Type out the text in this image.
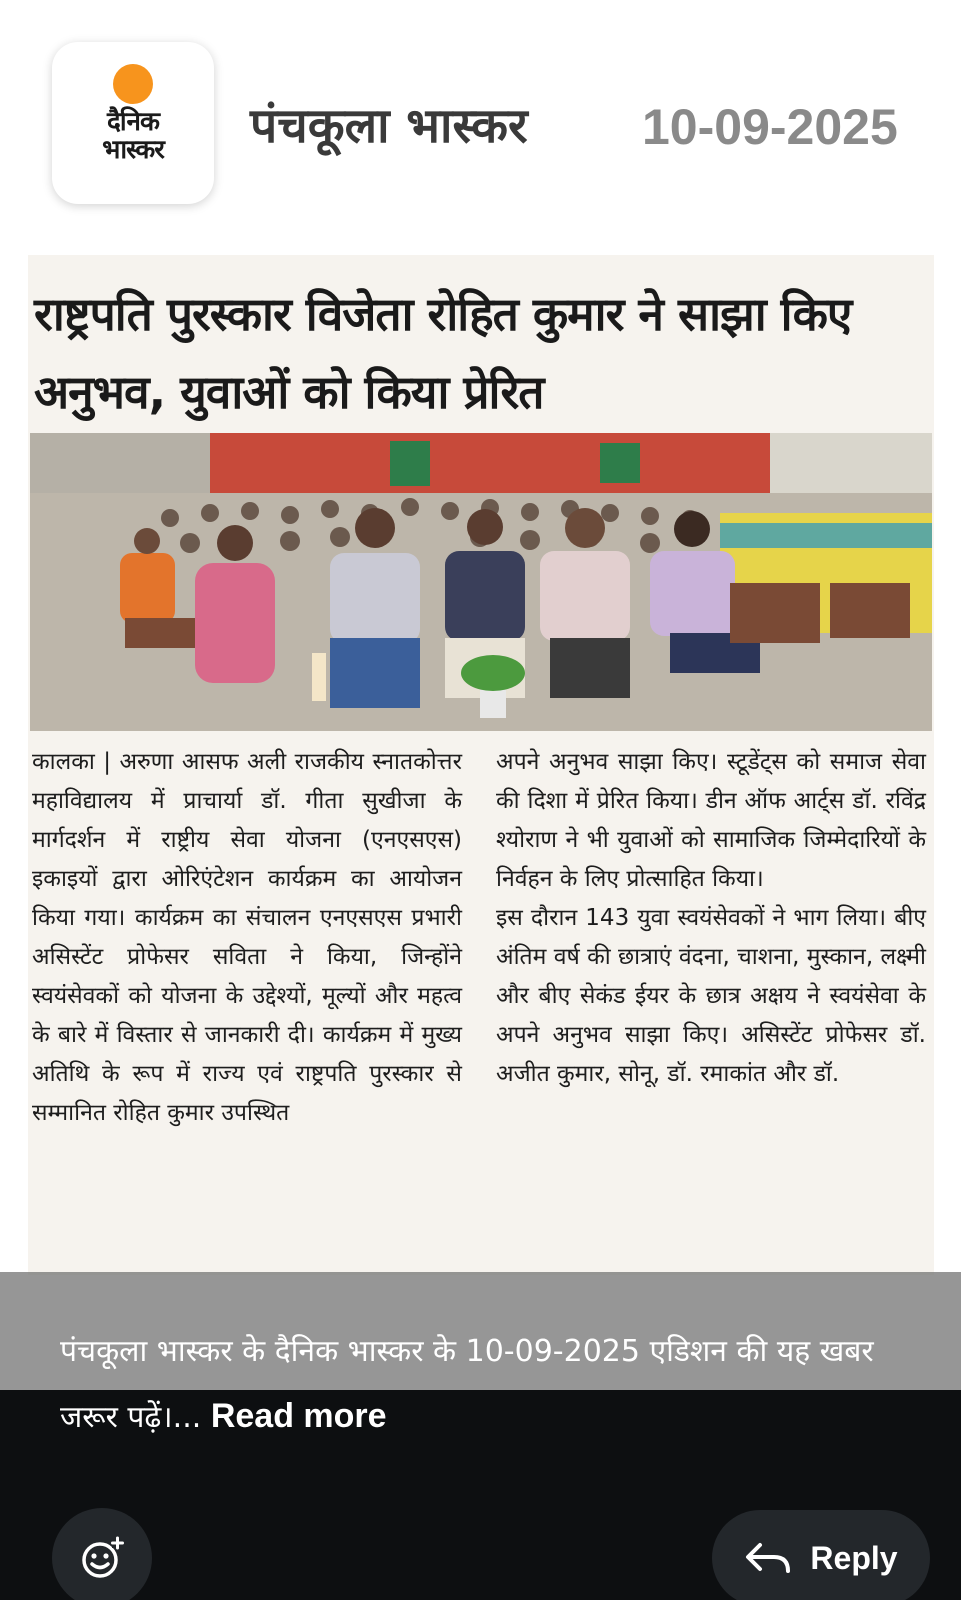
दैनिक भास्कर	पंचकूला भास्कर 10-09-2025
राष्ट्रपति पुरस्कार विजेता रोहित कुमार ने साझा किए अनुभव, युवाओं को किया प्रेरित

कालका | अरुणा आसफ अली राजकीय स्नातकोत्तर महाविद्यालय में प्राचार्या डॉ. गीता सुखीजा के मार्गदर्शन में राष्ट्रीय सेवा योजना (एनएसएस) इकाइयों द्वारा ओरिएंटेशन कार्यक्रम का आयोजन किया गया। कार्यक्रम का संचालन एनएसएस प्रभारी असिस्टेंट प्रोफेसर सविता ने किया, जिन्होंने स्वयंसेवकों को योजना के उद्देश्यों, मूल्यों और महत्व के बारे में विस्तार से जानकारी दी। कार्यक्रम में मुख्य अतिथि के रूप में राज्य एवं राष्ट्रपति पुरस्कार से सम्मानित रोहित कुमार उपस्थित

अपने अनुभव साझा किए। स्टूडेंट्स को समाज सेवा की दिशा में प्रेरित किया। डीन ऑफ आर्ट्स डॉ. रविंद्र श्योराण ने भी युवाओं को सामाजिक जिम्मेदारियों के निर्वहन के लिए प्रोत्साहित किया।

इस दौरान 143 युवा स्वयंसेवकों ने भाग लिया। बीए अंतिम वर्ष की छात्राएं वंदना, चाशना, मुस्कान, लक्ष्मी और बीए सेकंड ईयर के छात्र अक्षय ने स्वयंसेवा के अपने अनुभव साझा किए। असिस्टेंट प्रोफेसर डॉ. अजीत कुमार, सोनू, डॉ. रमाकांत और डॉ.

पंचकूला भास्कर के दैनिक भास्कर के 10-09-2025 एडिशन की यह खबर जरूर पढ़ें।... Read more
Reply
